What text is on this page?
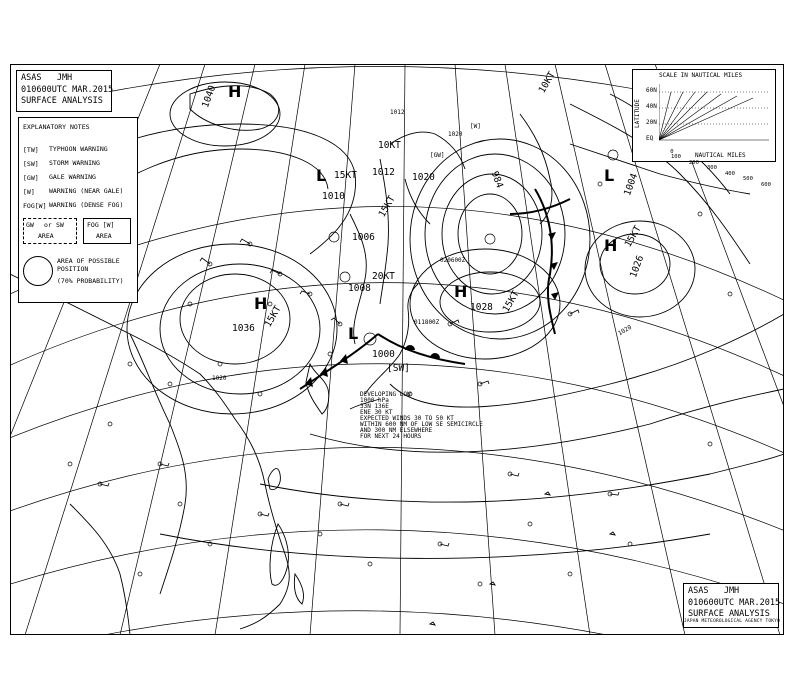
ASAS   JMH
010600UTC MAR.2015
SURFACE ANALYSIS
EXPLANATORY NOTES
[TW] TYPHOON WARNING
[SW] STORM WARNING
[GW] GALE WARNING
[W] WARNING (NEAR GALE)
FOG[W] WARNING (DENSE FOG)
GW or SW
AREA
FOG [W]
AREA
AREA OF POSSIBLE
POSITION
(70% PROBABILITY)
SCALE IN NAUTICAL MILES
LATITUDE
60N
40N
20N
EQ

0

100

200

300

400

500

600

NAUTICAL MILES
H
1036
H
1040
H
1028
H
1026
L
1000
L
1010
1012
1006
1008
1020	984	L 1004
1020
1020
1020
1012
10KT
15KT
15KT
15KT
20KT
15KT
15KT
10KT
[SW]
[GW]
[W]
020600Z
011800Z
DEVELOPING LOW
1000 hPa
33N 136E
ENE 30 KT
EXPECTED WINDS 30 TO 50 KT
WITHIN 600 NM OF LOW SE SEMICIRCLE
AND 300 NM ELSEWHERE
FOR NEXT 24 HOURS
ASAS   JMH
010600UTC MAR.2015
SURFACE ANALYSIS
JAPAN METEOROLOGICAL AGENCY TOKYO
